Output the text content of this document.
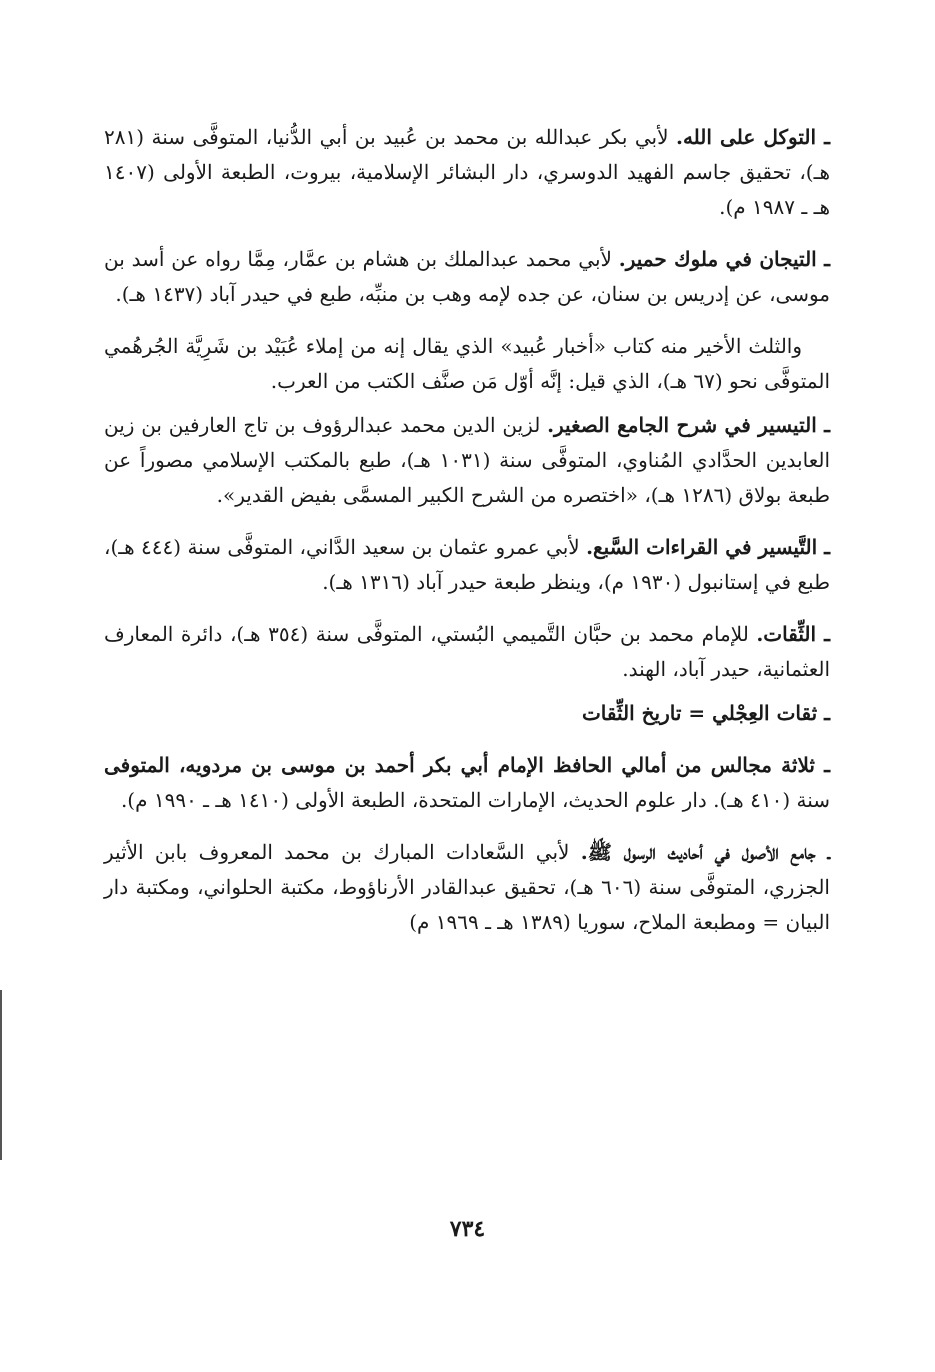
ـ التوكل على الله. لأبي بكر عبدالله بن محمد بن عُبيد بن أبي الدُّنيا، المتوفَّى سنة (٢٨١ هـ)، تحقيق جاسم الفهيد الدوسري، دار البشائر الإسلامية، بيروت، الطبعة الأولى (١٤٠٧ هـ ـ ١٩٨٧ م).

ـ التيجان في ملوك حمير. لأبي محمد عبدالملك بن هشام بن عمَّار، مِمَّا رواه عن أسد بن موسى، عن إدريس بن سنان، عن جده لإمه وهب بن منبِّه، طبع في حيدر آباد (١٤٣٧ هـ).

والثلث الأخير منه كتاب «أخبار عُبيد» الذي يقال إنه من إملاء عُبَيْد بن شَرِيَّة الجُرهُمي المتوفَّى نحو (٦٧ هـ)، الذي قيل: إنَّه أوّل مَن صنَّف الكتب من العرب.

ـ التيسير في شرح الجامع الصغير. لزين الدين محمد عبدالرؤوف بن تاج العارفين بن زين العابدين الحدَّادي المُناوي، المتوفَّى سنة (١٠٣١ هـ)، طبع بالمكتب الإسلامي مصوراً عن طبعة بولاق (١٢٨٦ هـ)، «اختصره من الشرح الكبير المسمَّى بفيض القدير».

ـ التَّيسير في القراءات السَّبع. لأبي عمرو عثمان بن سعيد الدَّاني، المتوفَّى سنة (٤٤٤ هـ)، طبع في إستانبول (١٩٣٠ م)، وينظر طبعة حيدر آباد (١٣١٦ هـ).

ـ الثِّقات. للإمام محمد بن حبَّان التَّميمي البُستي، المتوفَّى سنة (٣٥٤ هـ)، دائرة المعارف العثمانية، حيدر آباد، الهند.

ـ ثقات العِجْلي = تاريخ الثِّقات

ـ ثلاثة مجالس من أمالي الحافظ الإمام أبي بكر أحمد بن موسى بن مردويه، المتوفى سنة (٤١٠ هـ). دار علوم الحديث، الإمارات المتحدة، الطبعة الأولى (١٤١٠ هـ ـ ١٩٩٠ م).

ـ جامع الأصول في أحاديث الرسول ﷺ. لأبي السَّعادات المبارك بن محمد المعروف بابن الأثير الجزري، المتوفَّى سنة (٦٠٦ هـ)، تحقيق عبدالقادر الأرناؤوط، مكتبة الحلواني، ومكتبة دار البيان = ومطبعة الملاح، سوريا (١٣٨٩ هـ ـ ١٩٦٩ م)

٧٣٤
